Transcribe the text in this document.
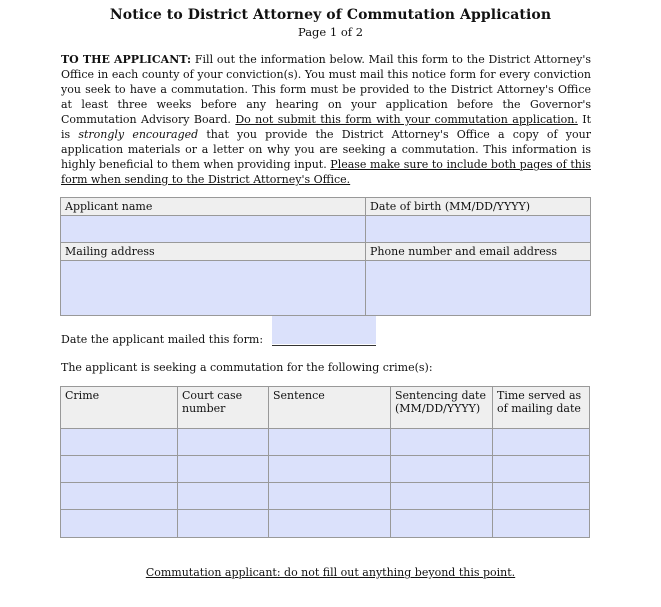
Notice to District Attorney of Commutation Application
Page 1 of 2
TO THE APPLICANT: Fill out the information below. Mail this form to the District Attorney's Office in each county of your conviction(s). You must mail this notice form for every conviction you seek to have a commutation. This form must be provided to the District Attorney's Office at least three weeks before any hearing on your application before the Governor's Commutation Advisory Board. Do not submit this form with your commutation application. It is strongly encouraged that you provide the District Attorney's Office a copy of your application materials or a letter on why you are seeking a commutation. This information is highly beneficial to them when providing input. Please make sure to include both pages of this form when sending to the District Attorney's Office.
Applicant name	Date of birth (MM/DD/YYYY)

Mailing address	Phone number and email address

Date the applicant mailed this form:
The applicant is seeking a commutation for the following crime(s):
Crime	Court case number	Sentence	Sentencing date (MM/DD/YYYY)	Time served as of mailing date

Commutation applicant: do not fill out anything beyond this point.
